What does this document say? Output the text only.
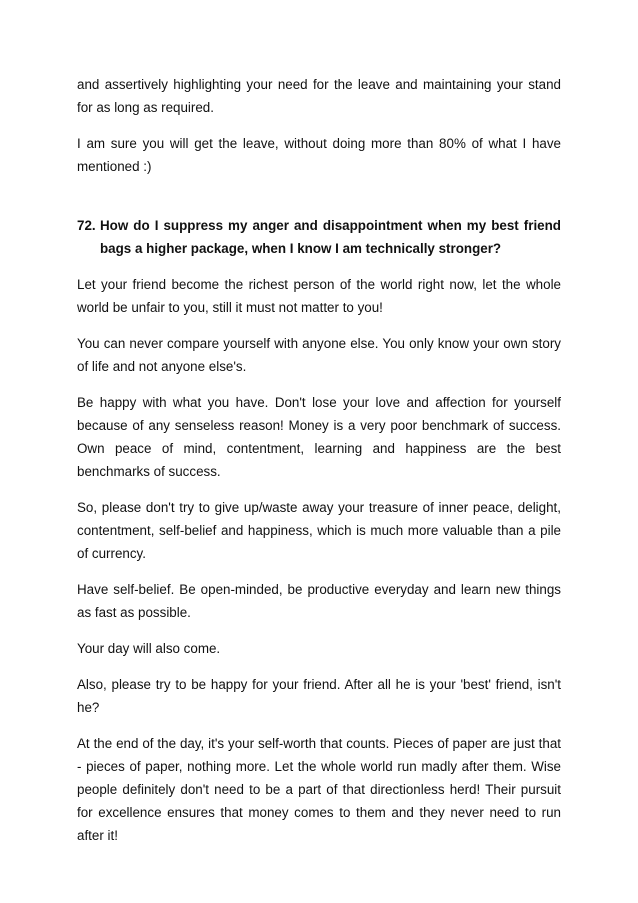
and assertively highlighting your need for the leave and maintaining your stand for as long as required.

I am sure you will get the leave, without doing more than 80% of what I have mentioned :)

72. How do I suppress my anger and disappointment when my best friend bags a higher package, when I know I am technically stronger?

Let your friend become the richest person of the world right now, let the whole world be unfair to you, still it must not matter to you!

You can never compare yourself with anyone else. You only know your own story of life and not anyone else's.

Be happy with what you have. Don't lose your love and affection for yourself because of any senseless reason! Money is a very poor benchmark of success. Own peace of mind, contentment, learning and happiness are the best benchmarks of success.

So, please don't try to give up/waste away your treasure of inner peace, delight, contentment, self-belief and happiness, which is much more valuable than a pile of currency.

Have self-belief. Be open-minded, be productive everyday and learn new things as fast as possible.

Your day will also come.

Also, please try to be happy for your friend. After all he is your 'best' friend, isn't he?

At the end of the day, it's your self-worth that counts. Pieces of paper are just that - pieces of paper, nothing more. Let the whole world run madly after them. Wise people definitely don't need to be a part of that directionless herd! Their pursuit for excellence ensures that money comes to them and they never need to run after it!
